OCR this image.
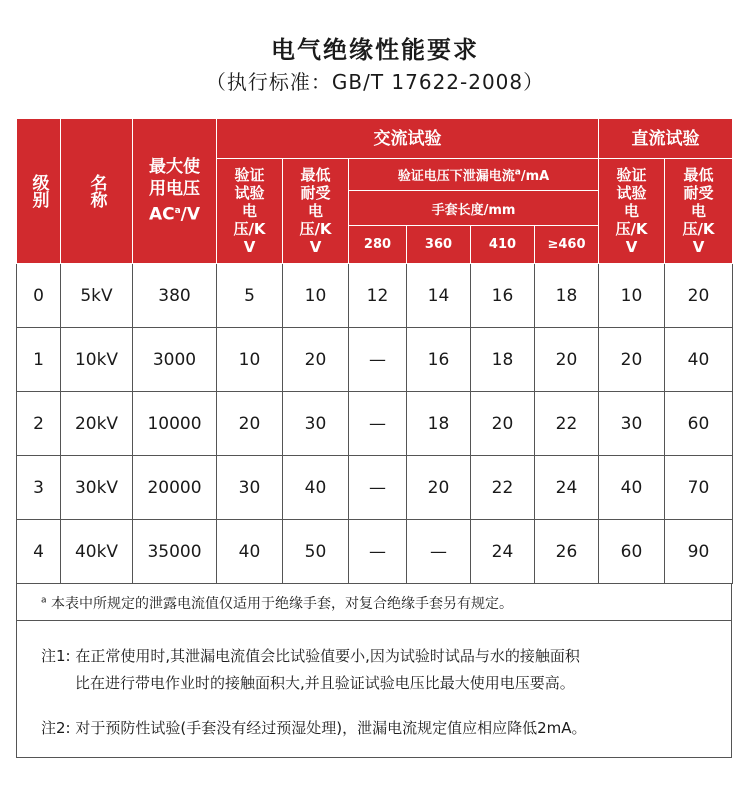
电气绝缘性能要求
（执行标准：GB/T 17622-2008）
级别	名称	最大使用电压$AC^a/V$	交流试验						直流试验	

			验证试验电压/KV	最低耐受电压/KV	验证电压下泄漏电流$^a$/mA				验证试验电压/KV	最低耐受电压/KV

					手套长度/mm					
					280	360	410	≥460		
0	5kV	380	5	10	12	14	16	18	10	20
1	10kV	3000	10	20	—	16	18	20	20	40
2	20kV	10000	20	30	—	18	20	22	30	60
3	30kV	20000	30	40	—	20	22	24	40	70
4	40kV	35000	40	50	—	—	24	26	60	90
$^a$ 本表中所规定的泄露电流值仅适用于绝缘手套，对复合绝缘手套另有规定。
注1: 在正常使用时,其泄漏电流值会比试验值要小,因为试验时试品与水的接触面积
比在进行带电作业时的接触面积大,并且验证试验电压比最大使用电压要高。
注2: 对于预防性试验(手套没有经过预湿处理)，泄漏电流规定值应相应降低2mA。
